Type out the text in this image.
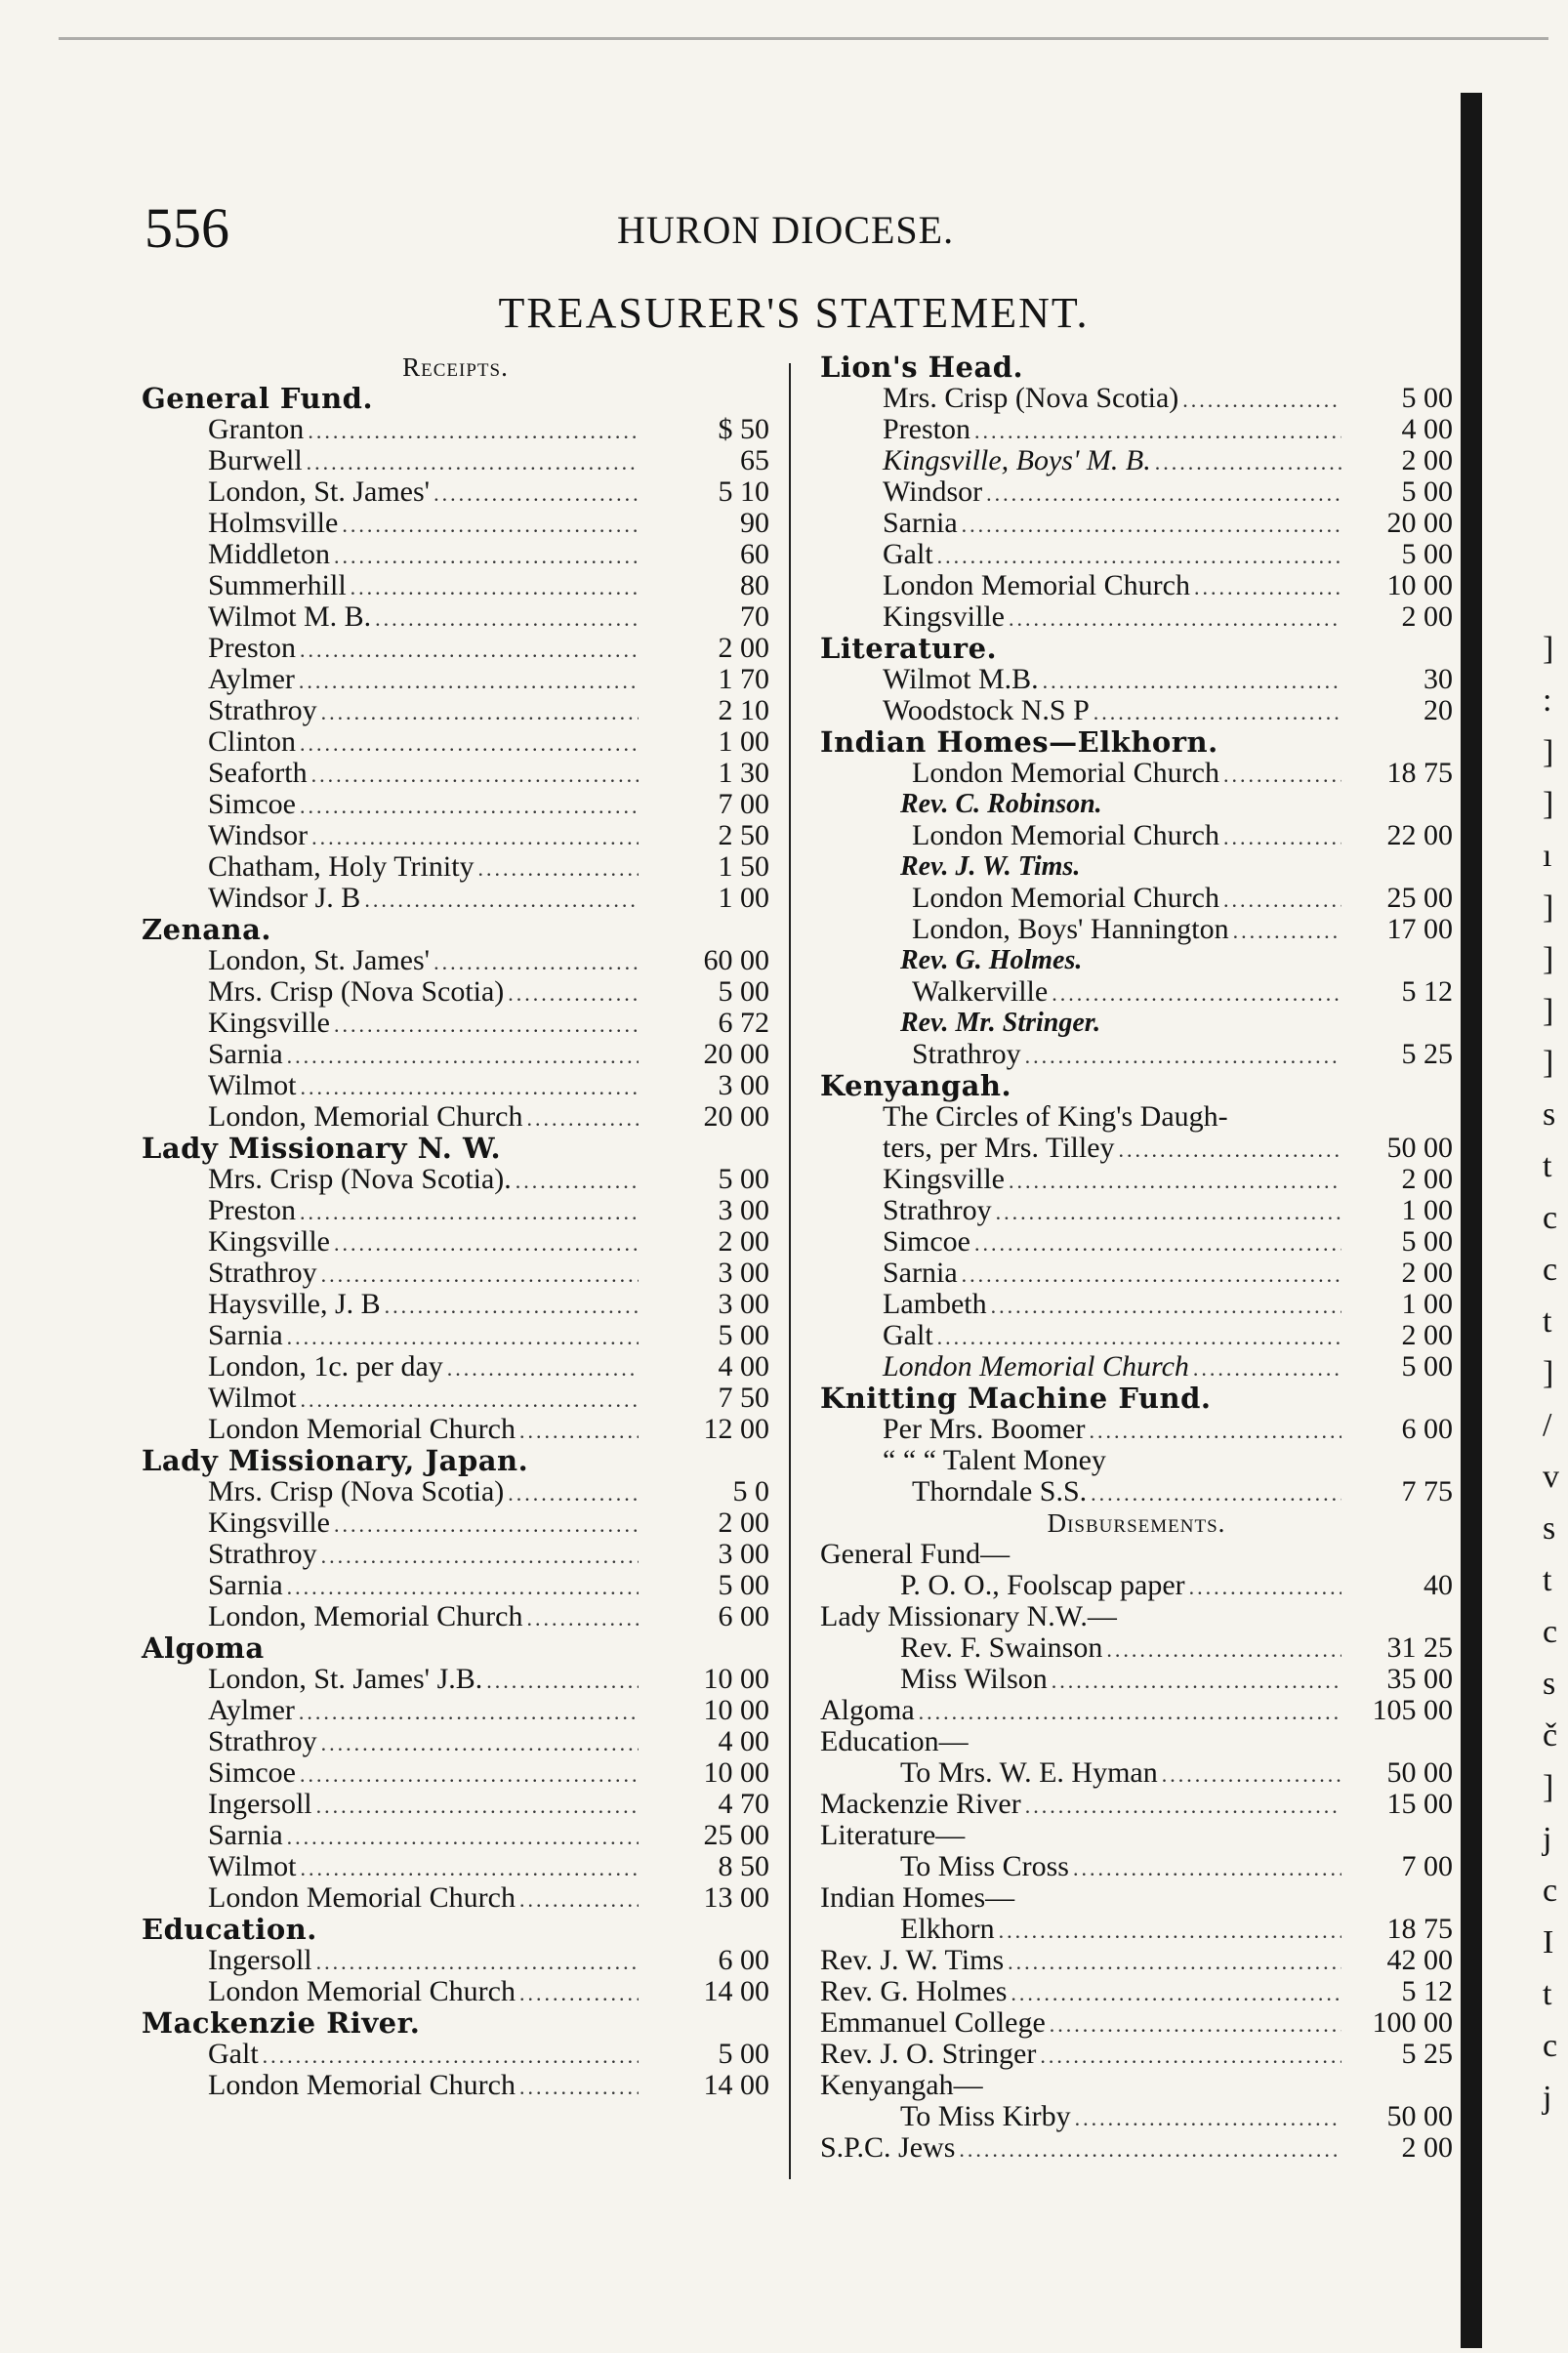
556	HURON DIOCESE.
TREASURER'S STATEMENT.
Receipts.
General Fund.
Granton .....	$ 50
Burwell .....	65
London, St. James' .....	5 10
Holmsville .....	90
Middleton .....	60
Summerhill .....	80
Wilmot M. B. .....	70
Preston .....	2 00
Aylmer .....	1 70
Strathroy .....	2 10
Clinton .....	1 00
Seaforth .....	1 30
Simcoe .....	7 00
Windsor .....	2 50
Chatham, Holy Trinity .....	1 50
Windsor J. B .....	1 00
Zenana.
London, St. James' .....	60 00
Mrs. Crisp (Nova Scotia) .....	5 00
Kingsville .....	6 72
Sarnia .....	20 00
Wilmot .....	3 00
London, Memorial Church .....	20 00
Lady Missionary N. W.
Mrs. Crisp (Nova Scotia). .....	5 00
Preston .....	3 00
Kingsville .....	2 00
Strathroy .....	3 00
Haysville, J. B .....	3 00
Sarnia .....	5 00
London, 1c. per day .....	4 00
Wilmot .....	7 50
London Memorial Church .....	12 00
Lady Missionary, Japan.
Mrs. Crisp (Nova Scotia) .....	5 0
Kingsville .....	2 00
Strathroy .....	3 00
Sarnia .....	5 00
London, Memorial Church .....	6 00
Algoma
London, St. James' J.B. .....	10 00
Aylmer .....	10 00
Strathroy .....	4 00
Simcoe .....	10 00
Ingersoll .....	4 70
Sarnia .....	25 00
Wilmot .....	8 50
London Memorial Church .....	13 00
Education.
Ingersoll .....	6 00
London Memorial Church .....	14 00
Mackenzie River.
Galt .....	5 00
London Memorial Church .....	14 00
Lion's Head.
Mrs. Crisp (Nova Scotia) .....	5 00
Preston .....	4 00
Kingsville, Boys' M. B. .....	2 00
Windsor .....	5 00
Sarnia .....	20 00
Galt .....	5 00
London Memorial Church .....	10 00
Kingsville .....	2 00
Literature.
Wilmot M.B. .....	30
Woodstock N.S P .....	20
Indian Homes—Elkhorn.
London Memorial Church .....	18 75
Rev. C. Robinson.
London Memorial Church .....	22 00
Rev. J. W. Tims.
London Memorial Church .....	25 00
London, Boys' Hannington .....	17 00
Rev. G. Holmes.
Walkerville .....	5 12
Rev. Mr. Stringer.
Strathroy .....	5 25
Kenyangah.
The Circles of King's Daugh-
ters, per Mrs. Tilley .....	50 00
Kingsville .....	2 00
Strathroy .....	1 00
Simcoe .....	5 00
Sarnia .....	2 00
Lambeth .....	1 00
Galt .....	2 00
London Memorial Church .....	5 00
Knitting Machine Fund.
Per Mrs. Boomer .....	6 00
“ “ “ Talent Money
Thorndale S.S. .....	7 75
Disbursements.
General Fund—
P. O. O., Foolscap paper .....	40
Lady Missionary N.W.—
Rev. F. Swainson .....	31 25
Miss Wilson .....	35 00
Algoma .....	105 00
Education—
To Mrs. W. E. Hyman .....	50 00
Mackenzie River .....	15 00
Literature—
To Miss Cross .....	7 00
Indian Homes—
Elkhorn .....	18 75
Rev. J. W. Tims .....	42 00
Rev. G. Holmes .....	5 12
Emmanuel College .....	100 00
Rev. J. O. Stringer .....	5 25
Kenyangah—
To Miss Kirby .....	50 00
S.P.C. Jews .....	2 00
]
:
]
]
ı
]
]
]
]
s
t
c
c
t
]
/
v
s
t
c
s
č
]
j
c
I
t
c
j
